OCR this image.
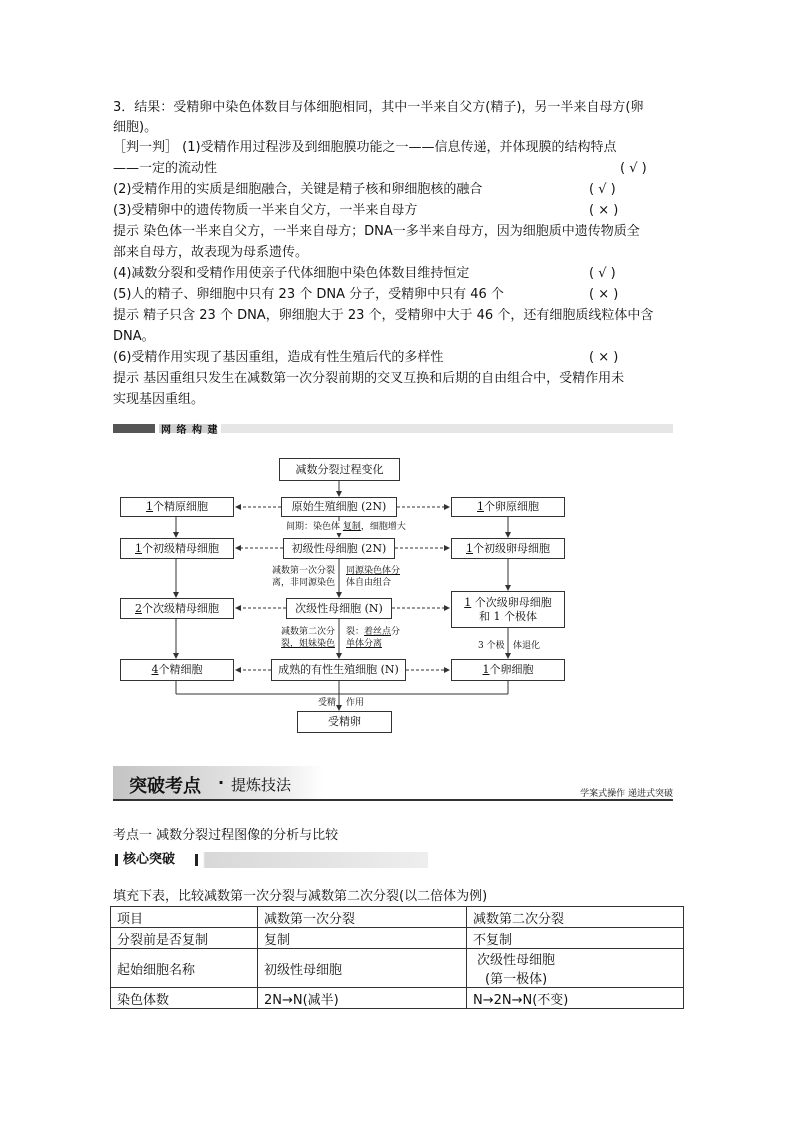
3．结果：受精卵中染色体数目与体细胞相同，其中一半来自父方(精子)，另一半来自母方(卵
细胞)。
［判一判］ (1)受精作用过程涉及到细胞膜功能之一——信息传递，并体现膜的结构特点
——一定的流动性	( √ )
(2)受精作用的实质是细胞融合，关键是精子核和卵细胞核的融合	( √ )
(3)受精卵中的遗传物质一半来自父方，一半来自母方	( × )
提示 染色体一半来自父方，一半来自母方；DNA一多半来自母方，因为细胞质中遗传物质全
部来自母方，故表现为母系遗传。
(4)减数分裂和受精作用使亲子代体细胞中染色体数目维持恒定	( √ )
(5)人的精子、卵细胞中只有 23 个 DNA 分子，受精卵中只有 46 个	( × )
提示 精子只含 23 个 DNA，卵细胞大于 23 个，受精卵中大于 46 个，还有细胞质线粒体中含
DNA。
(6)受精作用实现了基因重组，造成有性生殖后代的多样性	( × )
提示 基因重组只发生在减数第一次分裂前期的交叉互换和后期的自由组合中，受精作用未
实现基因重组。
网 络 构 建
减数分裂过程变化
1 个精原细胞	原始生殖细胞 (2N)	1 个卵原细胞
间期：染色体 复制，细胞增大
1 个初级精母细胞	初级性母细胞 (2N)	1 个初级卵母细胞
减数第一次分裂
离，非同源染色
同源染色体分
体自由组合
2 个次级精母细胞	次级性母细胞 (N)	1 个次级卵母细胞
和 1 个极体
减数第二次分
裂，姐妹染色
裂：着丝点分
单体分离	3 个极 体退化
4 个精细胞	成熟的有性生殖细胞 (N)	1 个卵细胞
受精 作用
受精卵
突破考点 · 提炼技法	学案式操作 递进式突破
考点一 减数分裂过程图像的分析与比较
核心突破
填充下表，比较减数第一次分裂与减数第二次分裂(以二倍体为例)
项目	减数第一次分裂	减数第二次分裂
分裂前是否复制	复制	不复制
起始细胞名称	初级性母细胞	次级性母细胞
(第一极体)

染色体数	2N→N(减半)	N→2N→N(不变)
